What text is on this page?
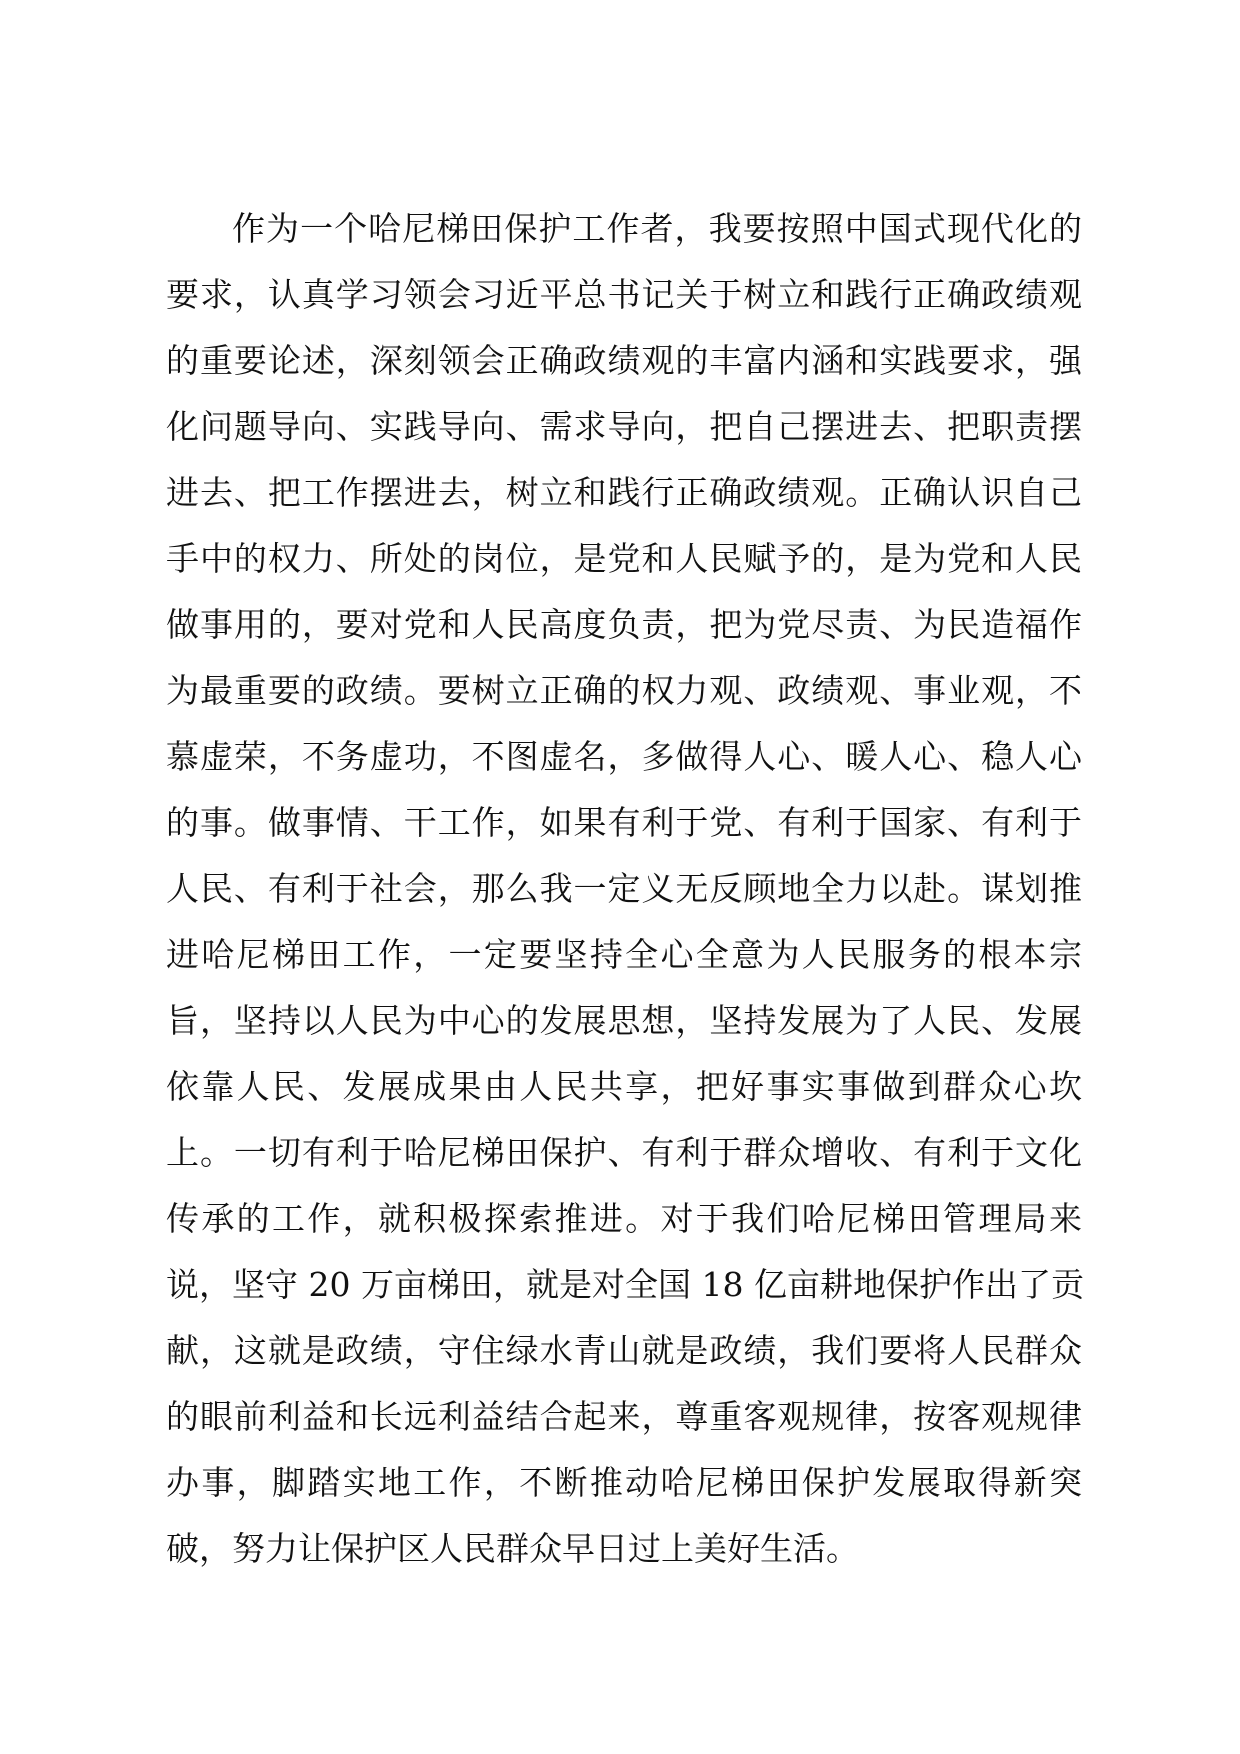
作为一个哈尼梯田保护工作者，我要按照中国式现代化的
要求，认真学习领会习近平总书记关于树立和践行正确政绩观
的重要论述，深刻领会正确政绩观的丰富内涵和实践要求，强
化问题导向、实践导向、需求导向，把自己摆进去、把职责摆
进去、把工作摆进去，树立和践行正确政绩观。正确认识自己
手中的权力、所处的岗位，是党和人民赋予的，是为党和人民
做事用的，要对党和人民高度负责，把为党尽责、为民造福作
为最重要的政绩。要树立正确的权力观、政绩观、事业观，不
慕虚荣，不务虚功，不图虚名，多做得人心、暖人心、稳人心
的事。做事情、干工作，如果有利于党、有利于国家、有利于
人民、有利于社会，那么我一定义无反顾地全力以赴。谋划推
进哈尼梯田工作，一定要坚持全心全意为人民服务的根本宗
旨，坚持以人民为中心的发展思想，坚持发展为了人民、发展
依靠人民、发展成果由人民共享，把好事实事做到群众心坎
上。一切有利于哈尼梯田保护、有利于群众增收、有利于文化
传承的工作，就积极探索推进。对于我们哈尼梯田管理局来
说，坚守 20 万亩梯田，就是对全国 18 亿亩耕地保护作出了贡
献，这就是政绩，守住绿水青山就是政绩，我们要将人民群众
的眼前利益和长远利益结合起来，尊重客观规律，按客观规律
办事，脚踏实地工作，不断推动哈尼梯田保护发展取得新突
破，努力让保护区人民群众早日过上美好生活。
